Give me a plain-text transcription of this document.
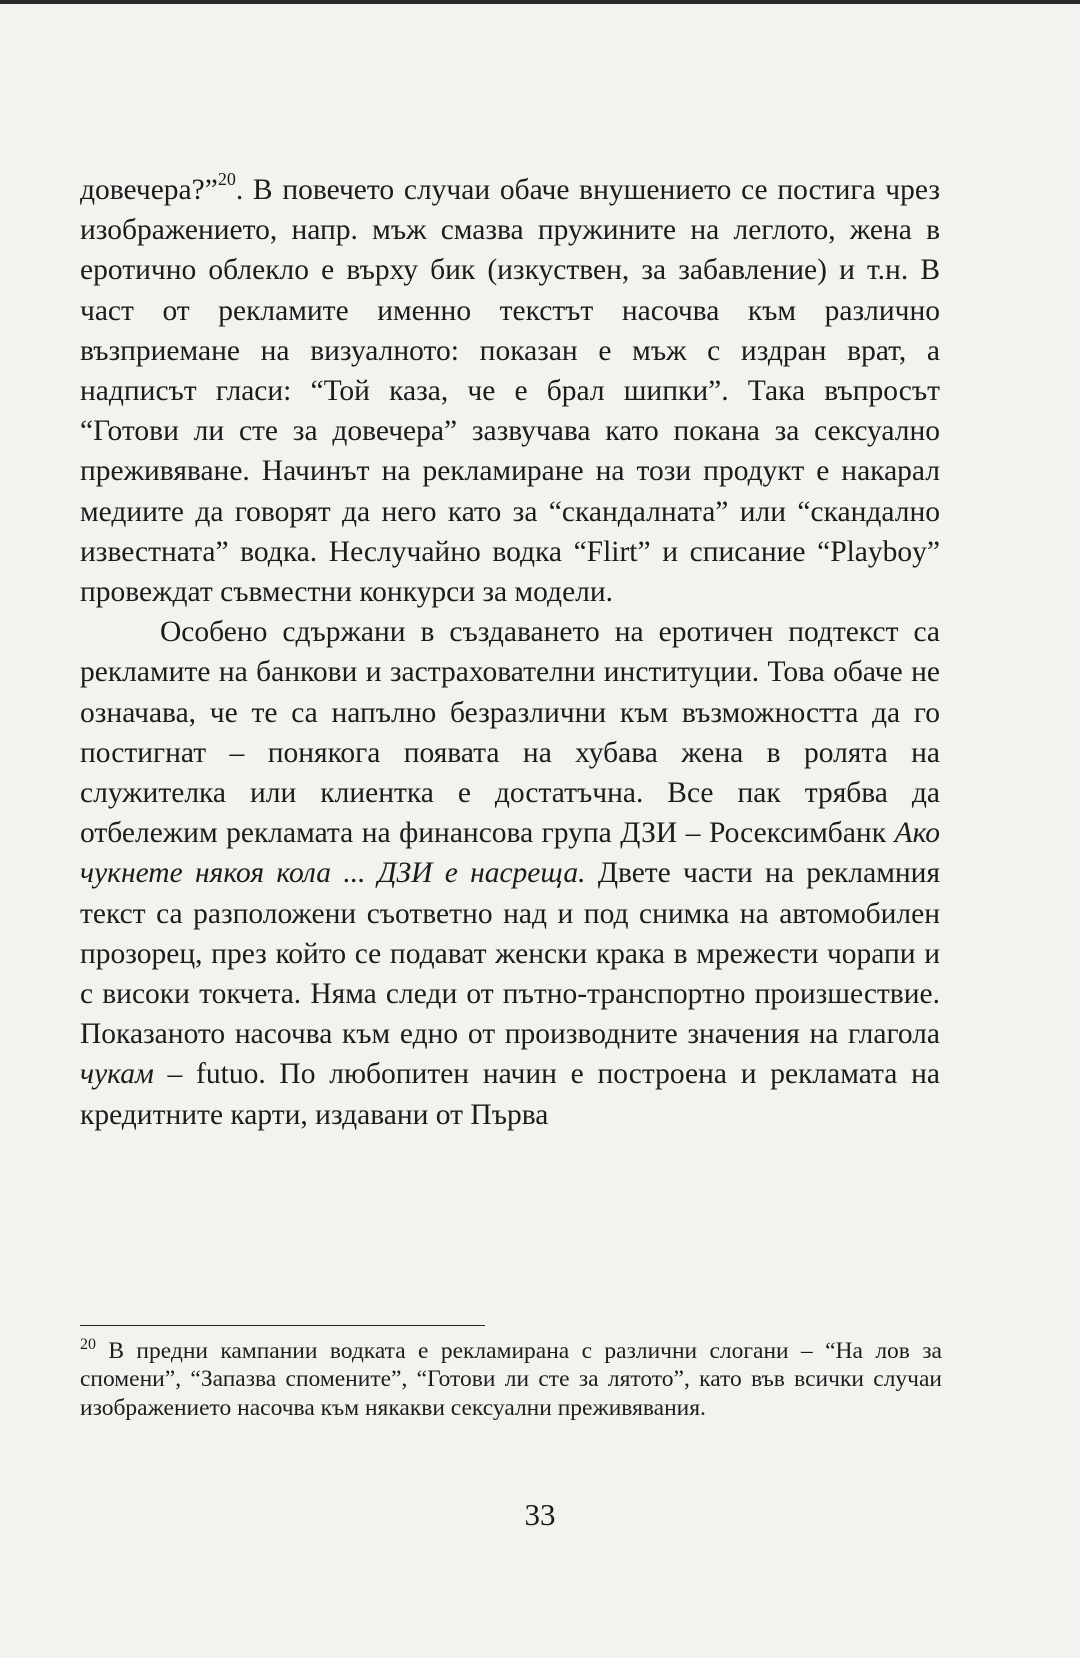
довечера?”$^{20}$. В повечето случаи обаче внушението се постига чрез изображението, напр. мъж смазва пружините на леглото, жена в еротично облекло е върху бик (изкуствен, за забавление) и т.н. В част от рекламите именно текстът насочва към различно възприемане на визуалното: показан е мъж с издран врат, а надписът гласи: “Той каза, че е брал шипки”. Така въпросът “Готови ли сте за довечера” зазвучава като покана за сексуално преживяване. Начинът на рекламиране на този продукт е накарал медиите да говорят да него като за “скандалната” или “скандално известната” водка. Неслучайно водка “Flirt” и списание “Playboy” провеждат съвместни конкурси за модели.

Особено сдържани в създаването на еротичен подтекст са рекламите на банкови и застрахователни институции. Това обаче не означава, че те са напълно безразлични към възможността да го постигнат – понякога появата на хубава жена в ролята на служителка или клиентка е достатъчна. Все пак трябва да отбележим рекламата на финансова група ДЗИ – Росексимбанк Ако чукнете някоя кола ... ДЗИ е насреща. Двете части на рекламния текст са разположени съответно над и под снимка на автомобилен прозорец, през който се подават женски крака в мрежести чорапи и с високи токчета. Няма следи от пътно-транспортно произшествие. Показаното насочва към едно от производните значения на глагола чукам – futuo. По любопитен начин е построена и рекламата на кредитните карти, издавани от Първа

$^{20}$ В предни кампании водката е рекламирана с различни слогани – “На лов за спомени”, “Запазва спомените”, “Готови ли сте за лятото”, като във всички случаи изображението насочва към някакви сексуални преживявания.
33
